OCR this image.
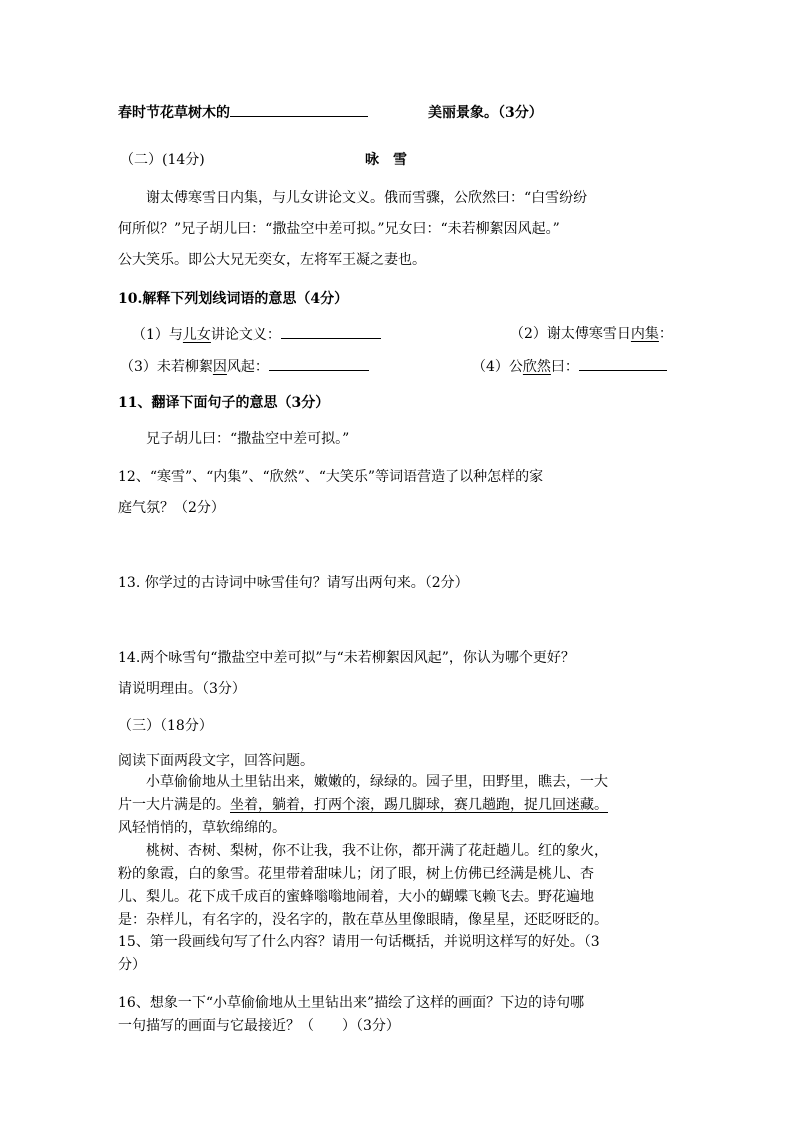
春时节花草树木的	美丽景象。（3分）
（二）(14分)	咏　雪
谢太傅寒雪日内集，与儿女讲论文义。俄而雪骤，公欣然曰：“白雪纷纷
何所似？”兄子胡儿曰：“撒盐空中差可拟。”兄女曰：“未若柳絮因风起。”
公大笑乐。即公大兄无奕女，左将军王凝之妻也。
10.解释下列划线词语的意思（4分）
（1）与儿女讲论文义：	（2）谢太傅寒雪日内集：
（3）未若柳絮因风起：	（4）公欣然曰：
11、翻译下面句子的意思（3分）
兄子胡儿曰：“撒盐空中差可拟。”
12、“寒雪”、“内集”、“欣然”、“大笑乐”等词语营造了以种怎样的家
庭气氛？（2分）
13. 你学过的古诗词中咏雪佳句？请写出两句来。（2分）
14.两个咏雪句“撒盐空中差可拟”与“未若柳絮因风起”，你认为哪个更好？
请说明理由。（3分）
（三）（18分）
阅读下面两段文字，回答问题。
小草偷偷地从土里钻出来，嫩嫩的，绿绿的。园子里，田野里，瞧去，一大
片一大片满是的。坐着，躺着，打两个滚，踢几脚球，赛几趟跑，捉几回迷藏。
风轻悄悄的，草软绵绵的。
桃树、杏树、梨树，你不让我，我不让你，都开满了花赶趟儿。红的象火，
粉的象霞，白的象雪。花里带着甜味儿；闭了眼，树上仿佛已经满是桃儿、杏
儿、梨儿。花下成千成百的蜜蜂嗡嗡地闹着，大小的蝴蝶飞赖飞去。野花遍地
是：杂样儿，有名字的，没名字的，散在草丛里像眼睛，像星星，还眨呀眨的。
15、第一段画线句写了什么内容？请用一句话概括，并说明这样写的好处。（3
分）
16、想象一下“小草偷偷地从土里钻出来”描绘了这样的画面？下边的诗句哪
一句描写的画面与它最接近？（　　）（3分）
